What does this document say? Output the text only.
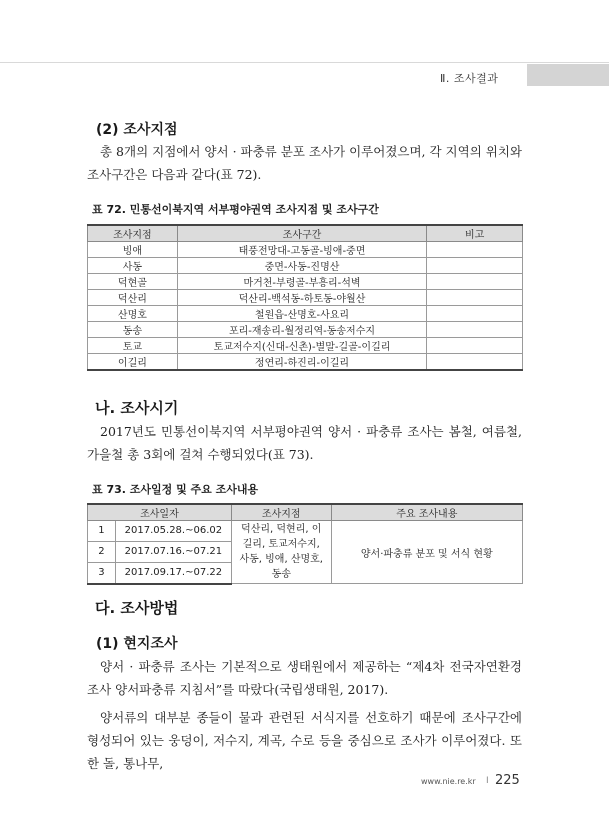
Ⅱ. 조사결과
(2) 조사지점
총 8개의 지점에서 양서 · 파충류 분포 조사가 이루어졌으며, 각 지역의 위치와 조사구간은 다음과 같다(표 72).
표 72. 민통선이북지역 서부평야권역 조사지점 및 조사구간
조사지점	조사구간	비고
빙애	태풍전망대-고동골-빙애-중면	
사동	중면-사동-진명산	
덕현골	마거천-부령골-부흥리-석벽	
덕산리	덕산리-백석동-하토동-야월산	
산명호	철원읍-산명호-사요리	
동송	포리-재송리-월정리역-동송저수지	
토교	토교저수지(신대-신촌)-별말-길골-이길리	
이길리	정연리-하진리-이길리	
나. 조사시기
2017년도 민통선이북지역 서부평야권역 양서 · 파충류 조사는 봄철, 여름철, 가을철 총 3회에 걸쳐 수행되었다(표 73).
표 73. 조사일정 및 주요 조사내용
조사일자		조사지점	주요 조사내용
1	2017.05.28.~06.02	덕산리, 덕현리, 이길리, 토교저수지, 사동, 빙애, 산명호, 동송	양서·파충류 분포 및 서식 현황
2	2017.07.16.~07.21		
3	2017.09.17.~07.22		
다. 조사방법
(1) 현지조사
양서 · 파충류 조사는 기본적으로 생태원에서 제공하는 “제4차 전국자연환경조사 양서파충류 지침서”를 따랐다(국립생태원, 2017).
양서류의 대부분 종들이 물과 관련된 서식지를 선호하기 때문에 조사구간에 형성되어 있는 웅덩이, 저수지, 계곡, 수로 등을 중심으로 조사가 이루어졌다. 또한 돌, 통나무,
www.nie.re.kr I 225
